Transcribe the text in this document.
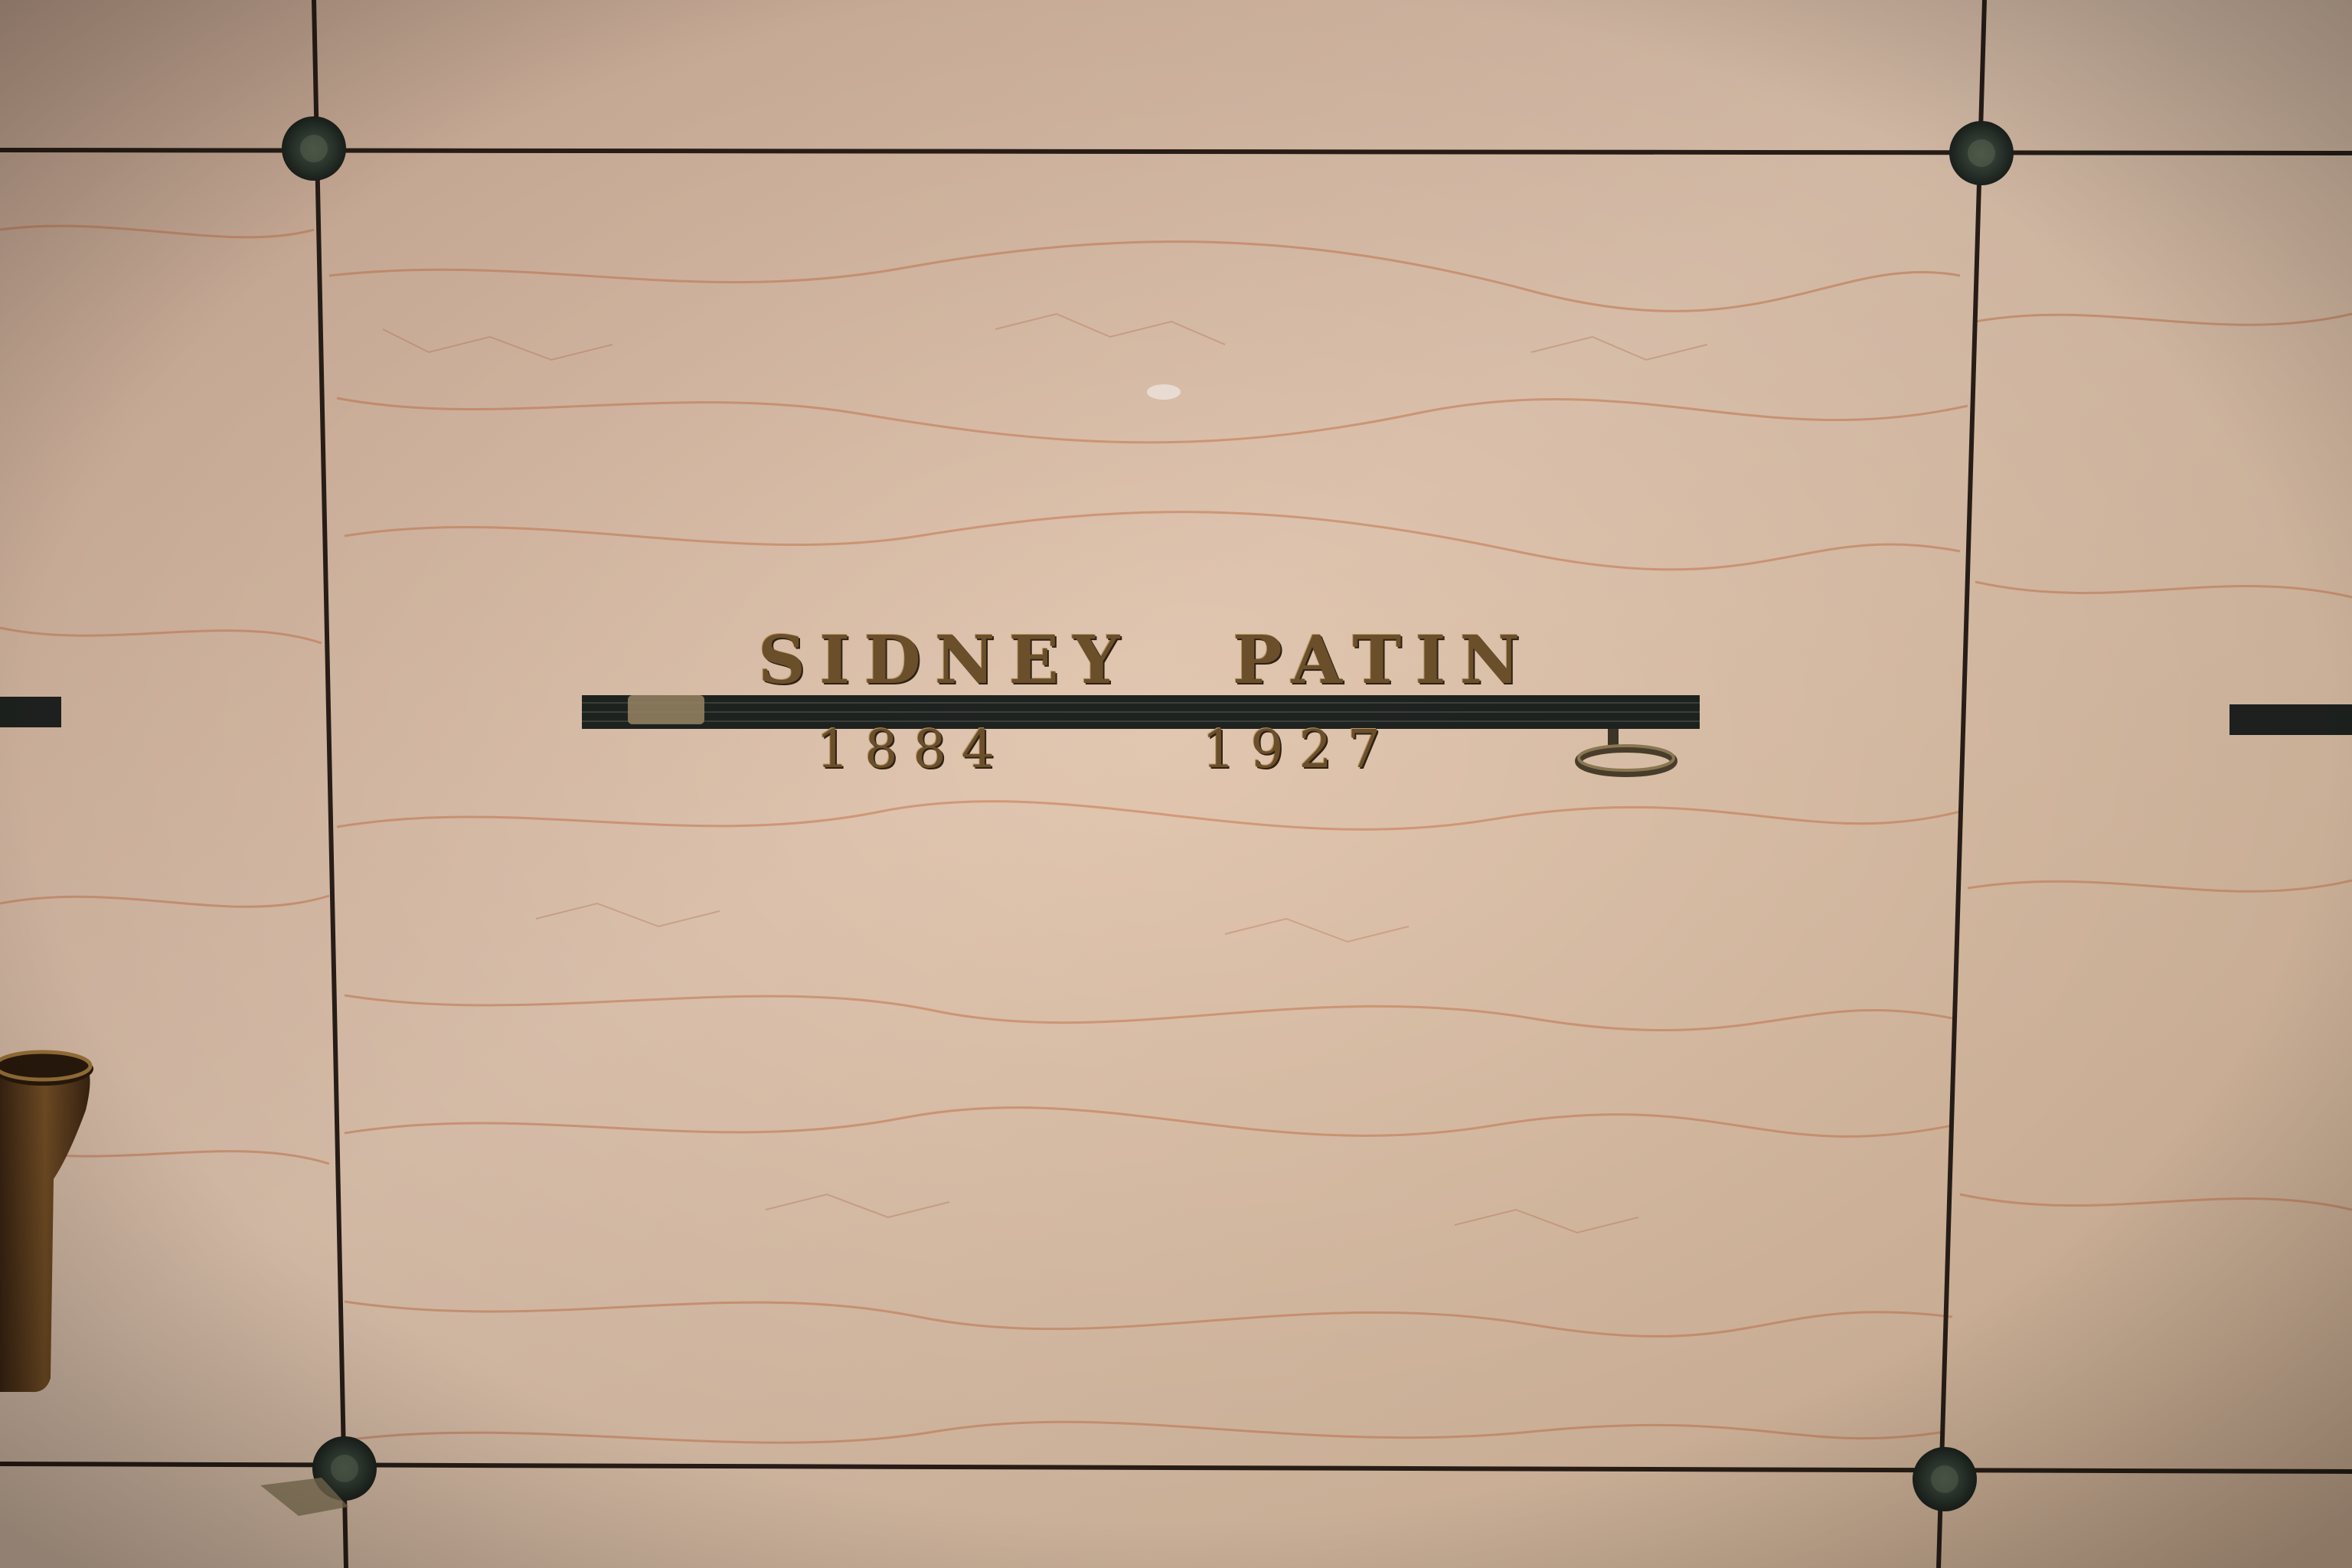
SIDNEY PATIN
1884	1927
